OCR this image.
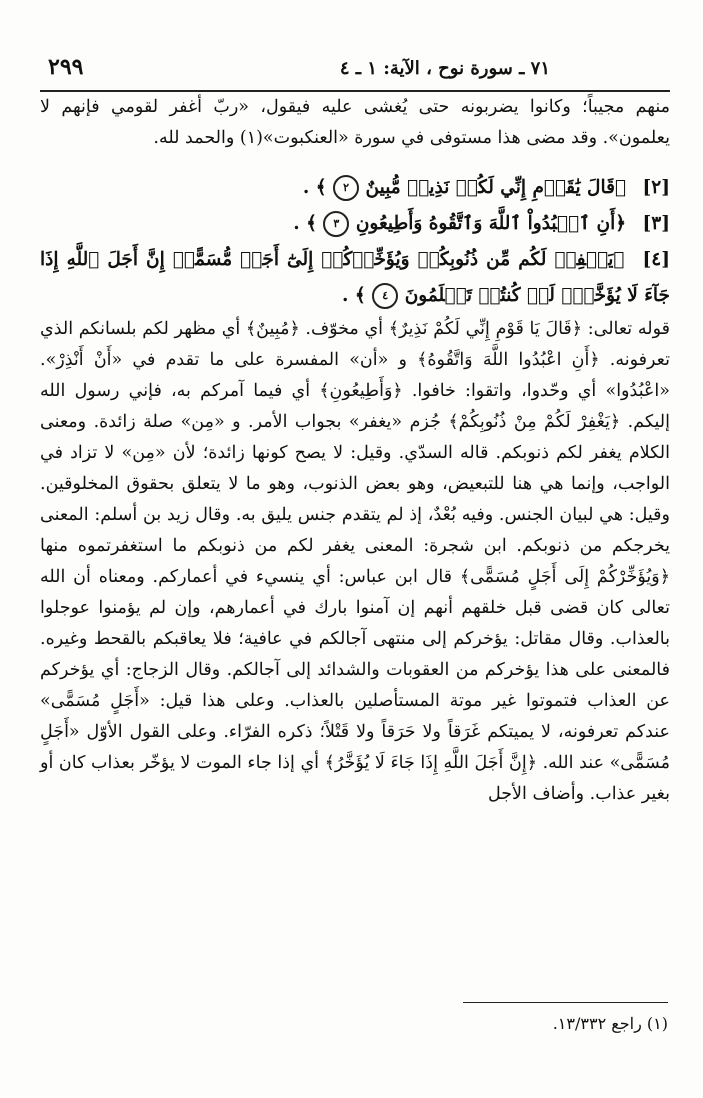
٢٩٩	٧١ ـ سورة نوح ، الآية: ١ ـ ٤

منهم مجيباً؛ وكانوا يضربونه حتى يُغشى عليه فيقول، «ربّ أغفر لقومي فإنهم لا يعلمون». وقد مضى هذا مستوفى في سورة «العنكبوت»(١) والحمد لله.

[٢] ﴿قَالَ يَٰقَوۡمِ إِنِّي لَكُمۡ نَذِيرٞ مُّبِينٌ ٢ ﴾ .

[٣] ﴿أَنِ ٱعۡبُدُواْ ٱللَّهَ وَٱتَّقُوهُ وَأَطِيعُونِ ٣ ﴾ .

[٤] ﴿يَغۡفِرۡ لَكُم مِّن ذُنُوبِكُمۡ وَيُؤَخِّرۡكُمۡ إِلَىٰٓ أَجَلٖ مُّسَمًّىۚ إِنَّ أَجَلَ ٱللَّهِ إِذَا جَآءَ لَا يُؤَخَّرُۚ لَوۡ كُنتُمۡ تَعۡلَمُونَ ٤ ﴾ .

قوله تعالى: ﴿قَالَ يَا قَوْمِ إِنِّي لَكُمْ نَذِيرٌ﴾ أي مخوّف. ﴿مُبِينٌ﴾ أي مظهر لكم بلسانكم الذي تعرفونه. ﴿أَنِ اعْبُدُوا اللَّهَ وَاتَّقُوهُ﴾ و «أن» المفسرة على ما تقدم في «أَنْ أَنْذِرْ». «اعْبُدُوا» أي وحّدوا، واتقوا: خافوا. ﴿وَأَطِيعُونِ﴾ أي فيما آمركم به، فإني رسول الله إليكم. ﴿يَغْفِرْ لَكُمْ مِنْ ذُنُوبِكُمْ﴾ جُزم «يغفر» بجواب الأمر. و «مِن» صلة زائدة. ومعنى الكلام يغفر لكم ذنوبكم. قاله السدّي. وقيل: لا يصح كونها زائدة؛ لأن «مِن» لا تزاد في الواجب، وإنما هي هنا للتبعيض، وهو بعض الذنوب، وهو ما لا يتعلق بحقوق المخلوقين. وقيل: هي لبيان الجنس. وفيه بُعْدٌ، إذ لم يتقدم جنس يليق به. وقال زيد بن أسلم: المعنى يخرجكم من ذنوبكم. ابن شجرة: المعنى يغفر لكم من ذنوبكم ما استغفرتموه منها ﴿وَيُؤَخِّرْكُمْ إِلَى أَجَلٍ مُسَمًّى﴾ قال ابن عباس: أي ينسيء في أعماركم. ومعناه أن الله تعالى كان قضى قبل خلقهم أنهم إن آمنوا بارك في أعمارهم، وإن لم يؤمنوا عوجلوا بالعذاب. وقال مقاتل: يؤخركم إلى منتهى آجالكم في عافية؛ فلا يعاقبكم بالقحط وغيره. فالمعنى على هذا يؤخركم من العقوبات والشدائد إلى آجالكم. وقال الزجاج: أي يؤخركم عن العذاب فتموتوا غير موتة المستأصلين بالعذاب. وعلى هذا قيل: «أَجَلٍ مُسَمًّى» عندكم تعرفونه، لا يميتكم غَرَقاً ولا حَرَقاً ولا قَتْلاً؛ ذكره الفرّاء. وعلى القول الأوّل «أَجَلٍ مُسَمًّى» عند الله. ﴿إِنَّ أَجَلَ اللَّهِ إِذَا جَاءَ لَا يُؤَخَّرُ﴾ أي إذا جاء الموت لا يؤخّر بعذاب كان أو بغير عذاب. وأضاف الأجل

(١) راجع ١٣/٣٣٢.
